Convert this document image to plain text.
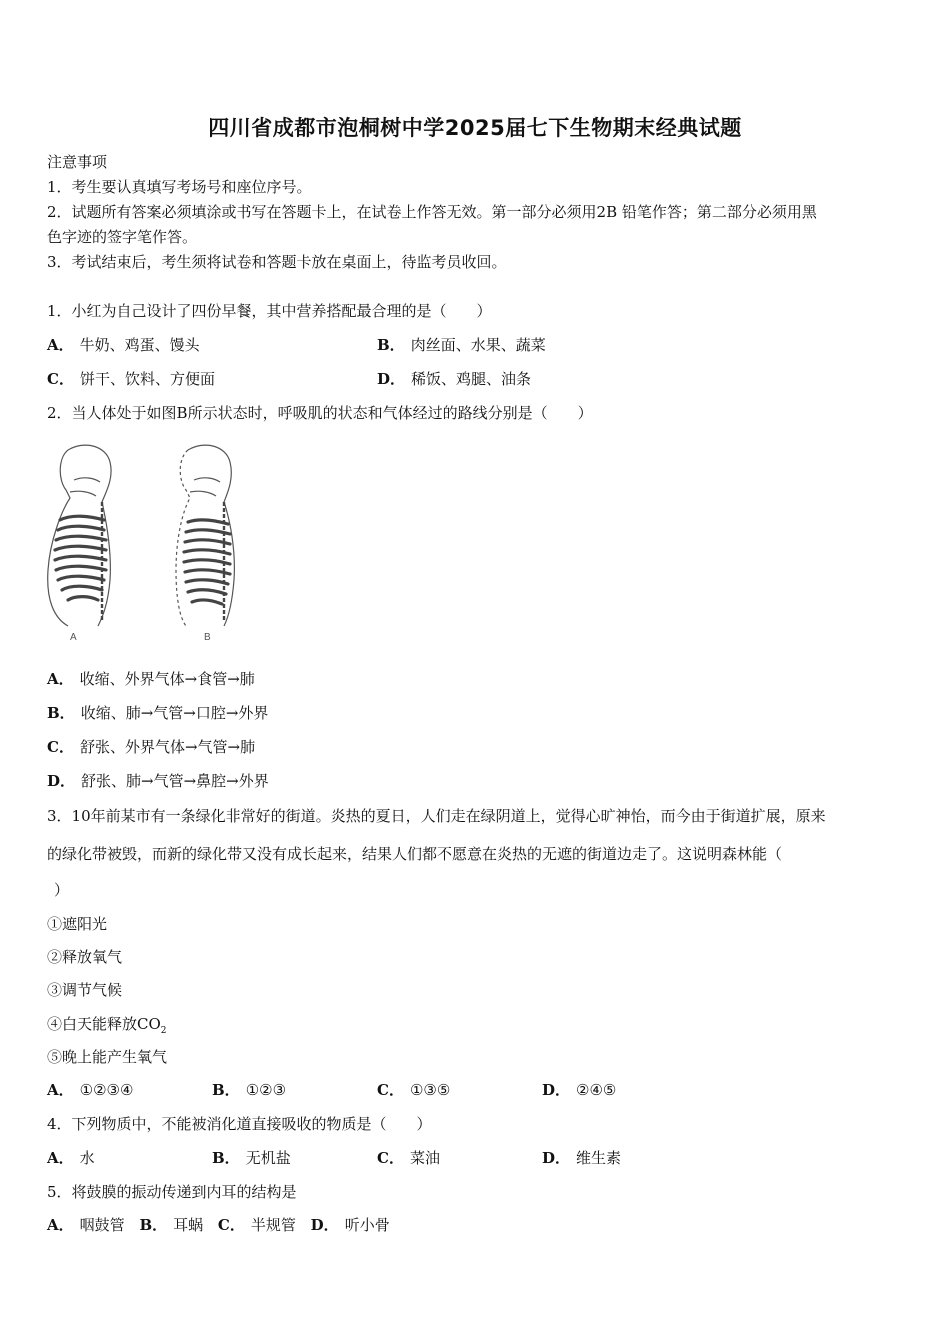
四川省成都市泡桐树中学2025届七下生物期末经典试题
注意事项
1．考生要认真填写考场号和座位序号。
2．试题所有答案必须填涂或书写在答题卡上，在试卷上作答无效。第一部分必须用2B 铅笔作答；第二部分必须用黑
色字迹的签字笔作答。
3．考试结束后，考生须将试卷和答题卡放在桌面上，待监考员收回。
1．小红为自己设计了四份早餐，其中营养搭配最合理的是（　　）
A． 牛奶、鸡蛋、馒头	B． 肉丝面、水果、蔬菜
C． 饼干、饮料、方便面	D． 稀饭、鸡腿、油条
2．当人体处于如图B所示状态时，呼吸肌的状态和气体经过的路线分别是（　　）
A	B
A． 收缩、外界气体→食管→肺
B． 收缩、肺→气管→口腔→外界
C． 舒张、外界气体→气管→肺
D． 舒张、肺→气管→鼻腔→外界
3．10年前某市有一条绿化非常好的街道。炎热的夏日，人们走在绿阴道上，觉得心旷神怡，而今由于街道扩展，原来
的绿化带被毁，而新的绿化带又没有成长起来，结果人们都不愿意在炎热的无遮的街道边走了。这说明森林能（
）
①遮阳光
②释放氧气
③调节气候
④白天能释放$CO_2$
⑤晚上能产生氧气
A． ①②③④	B． ①②③	C． ①③⑤	D． ②④⑤
4．下列物质中，不能被消化道直接吸收的物质是（　　）
A． 水	B． 无机盐	C． 菜油	D． 维生素
5．将鼓膜的振动传递到内耳的结构是
A． 咽鼓管 B． 耳蜗 C． 半规管 D． 听小骨
